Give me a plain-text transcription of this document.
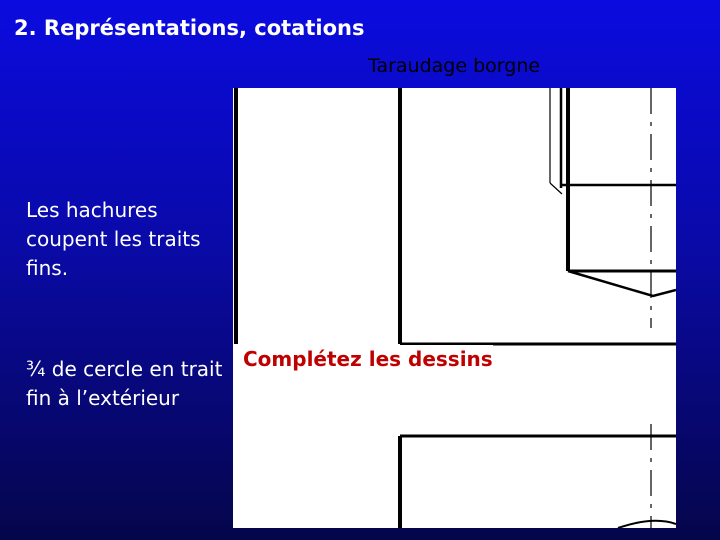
2. Représentations, cotations
Taraudage borgne
Les hachures coupent les traits fins.
¾ de cercle en trait fin à l’extérieur
Complétez les dessins
